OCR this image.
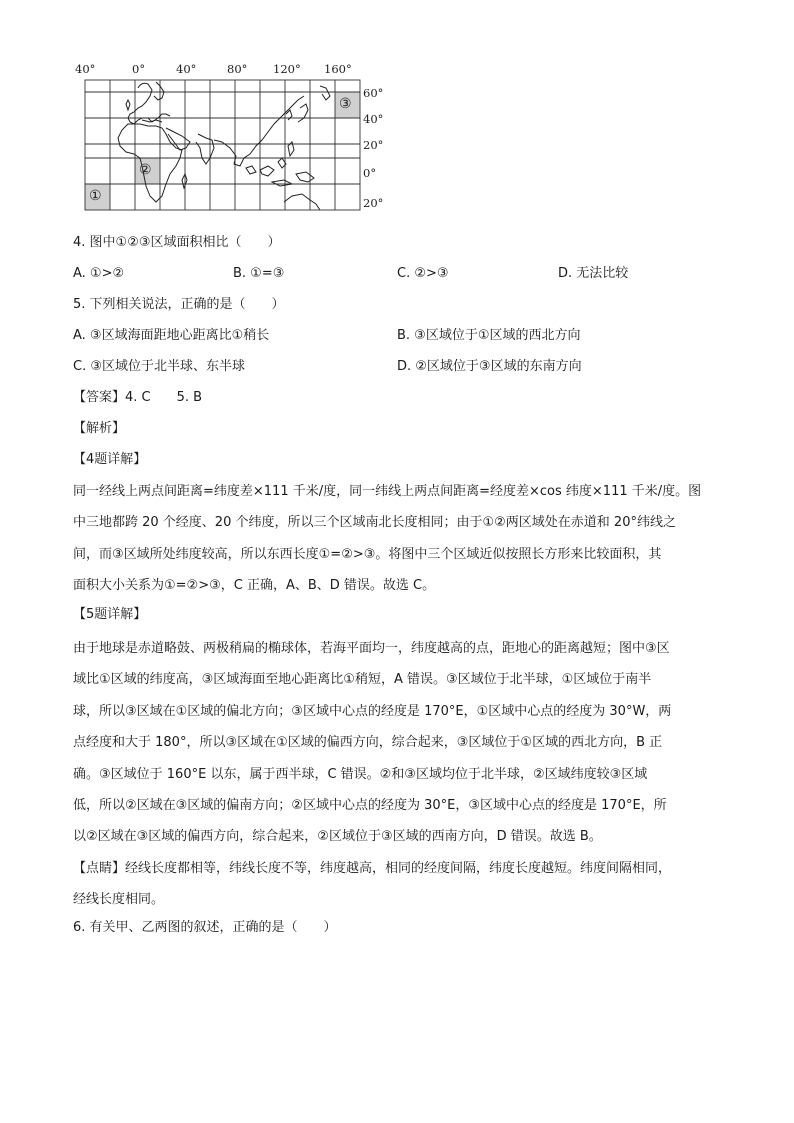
40°	0°	40°	80° 120° 160°
60°
40°
20°
0°
20°
①
②
③
4. 图中①②③区域面积相比（　　）
A. ①>②	B. ①=③	C. ②>③	D. 无法比较
5. 下列相关说法，正确的是（　　）
A. ③区域海面距地心距离比①稍长	B. ③区域位于①区域的西北方向
C. ③区域位于北半球、东半球	D. ②区域位于③区域的东南方向
【答案】4. C　　5. B
【解析】
【4题详解】
同一经线上两点间距离=纬度差×111 千米/度，同一纬线上两点间距离=经度差×cos 纬度×111 千米/度。图
中三地都跨 20 个经度、20 个纬度，所以三个区域南北长度相同；由于①②两区域处在赤道和 20°纬线之
间，而③区域所处纬度较高，所以东西长度①=②>③。将图中三个区域近似按照长方形来比较面积，其
面积大小关系为①=②>③，C 正确，A、B、D 错误。故选 C。
【5题详解】
由于地球是赤道略鼓、两极稍扁的椭球体，若海平面均一，纬度越高的点，距地心的距离越短；图中③区
域比①区域的纬度高，③区域海面至地心距离比①稍短，A 错误。③区域位于北半球，①区域位于南半
球，所以③区域在①区域的偏北方向；③区域中心点的经度是 170°E，①区域中心点的经度为 30°W，两
点经度和大于 180°，所以③区域在①区域的偏西方向，综合起来，③区域位于①区域的西北方向，B 正
确。③区域位于 160°E 以东，属于西半球，C 错误。②和③区域均位于北半球，②区域纬度较③区域
低，所以②区域在③区域的偏南方向；②区域中心点的经度为 30°E，③区域中心点的经度是 170°E，所
以②区域在③区域的偏西方向，综合起来，②区域位于③区域的西南方向，D 错误。故选 B。
【点睛】经线长度都相等，纬线长度不等，纬度越高，相同的经度间隔，纬度长度越短。纬度间隔相同，
经线长度相同。
6. 有关甲、乙两图的叙述，正确的是（　　）
